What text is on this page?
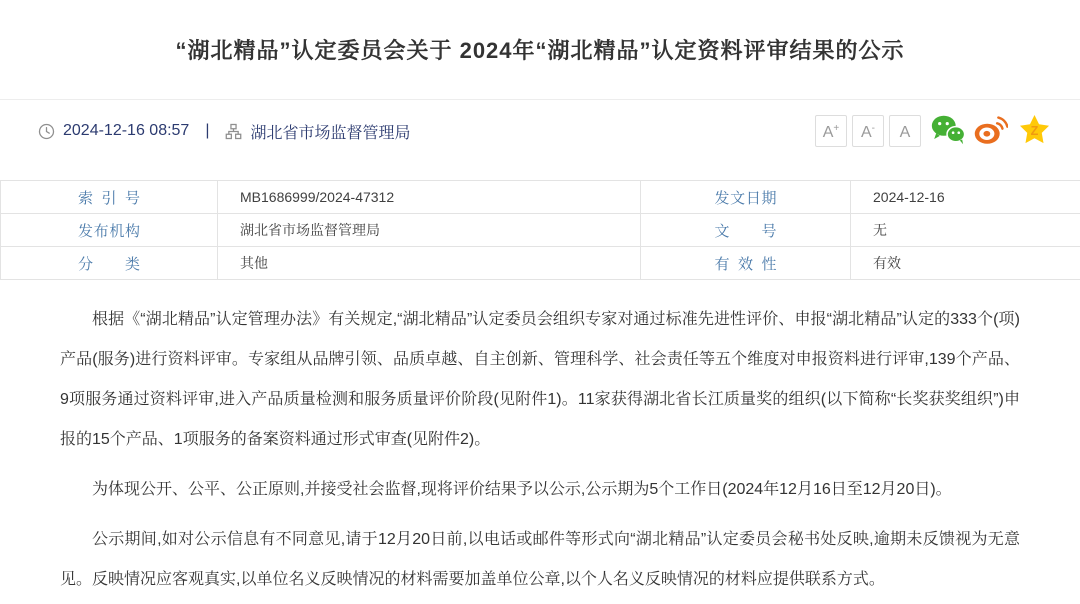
“湖北精品”认定委员会关于 2024年“湖北精品”认定资料评审结果的公示
2024-12-16 08:57 |	湖北省市场监督管理局	A + A - A	Z
索引号	MB1686999/2024-47312	发文日期	2024-12-16
发布机构	湖北省市场监督管理局	文号	无
分类	其他	有效性	有效

根据《“湖北精品”认定管理办法》有关规定,“湖北精品”认定委员会组织专家对通过标准先进性评价、申报“湖北精品”认定的333个(项)产品(服务)进行资料评审。专家组从品牌引领、品质卓越、自主创新、管理科学、社会责任等五个维度对申报资料进行评审,139个产品、9项服务通过资料评审,进入产品质量检测和服务质量评价阶段(见附件1)。11家获得湖北省长江质量奖的组织(以下简称“长奖获奖组织”)申报的15个产品、1项服务的备案资料通过形式审查(见附件2)。

为体现公开、公平、公正原则,并接受社会监督,现将评价结果予以公示,公示期为5个工作日(2024年12月16日至12月20日)。

公示期间,如对公示信息有不同意见,请于12月20日前,以电话或邮件等形式向“湖北精品”认定委员会秘书处反映,逾期未反馈视为无意见。反映情况应客观真实,以单位名义反映情况的材料需要加盖单位公章,以个人名义反映情况的材料应提供联系方式。
